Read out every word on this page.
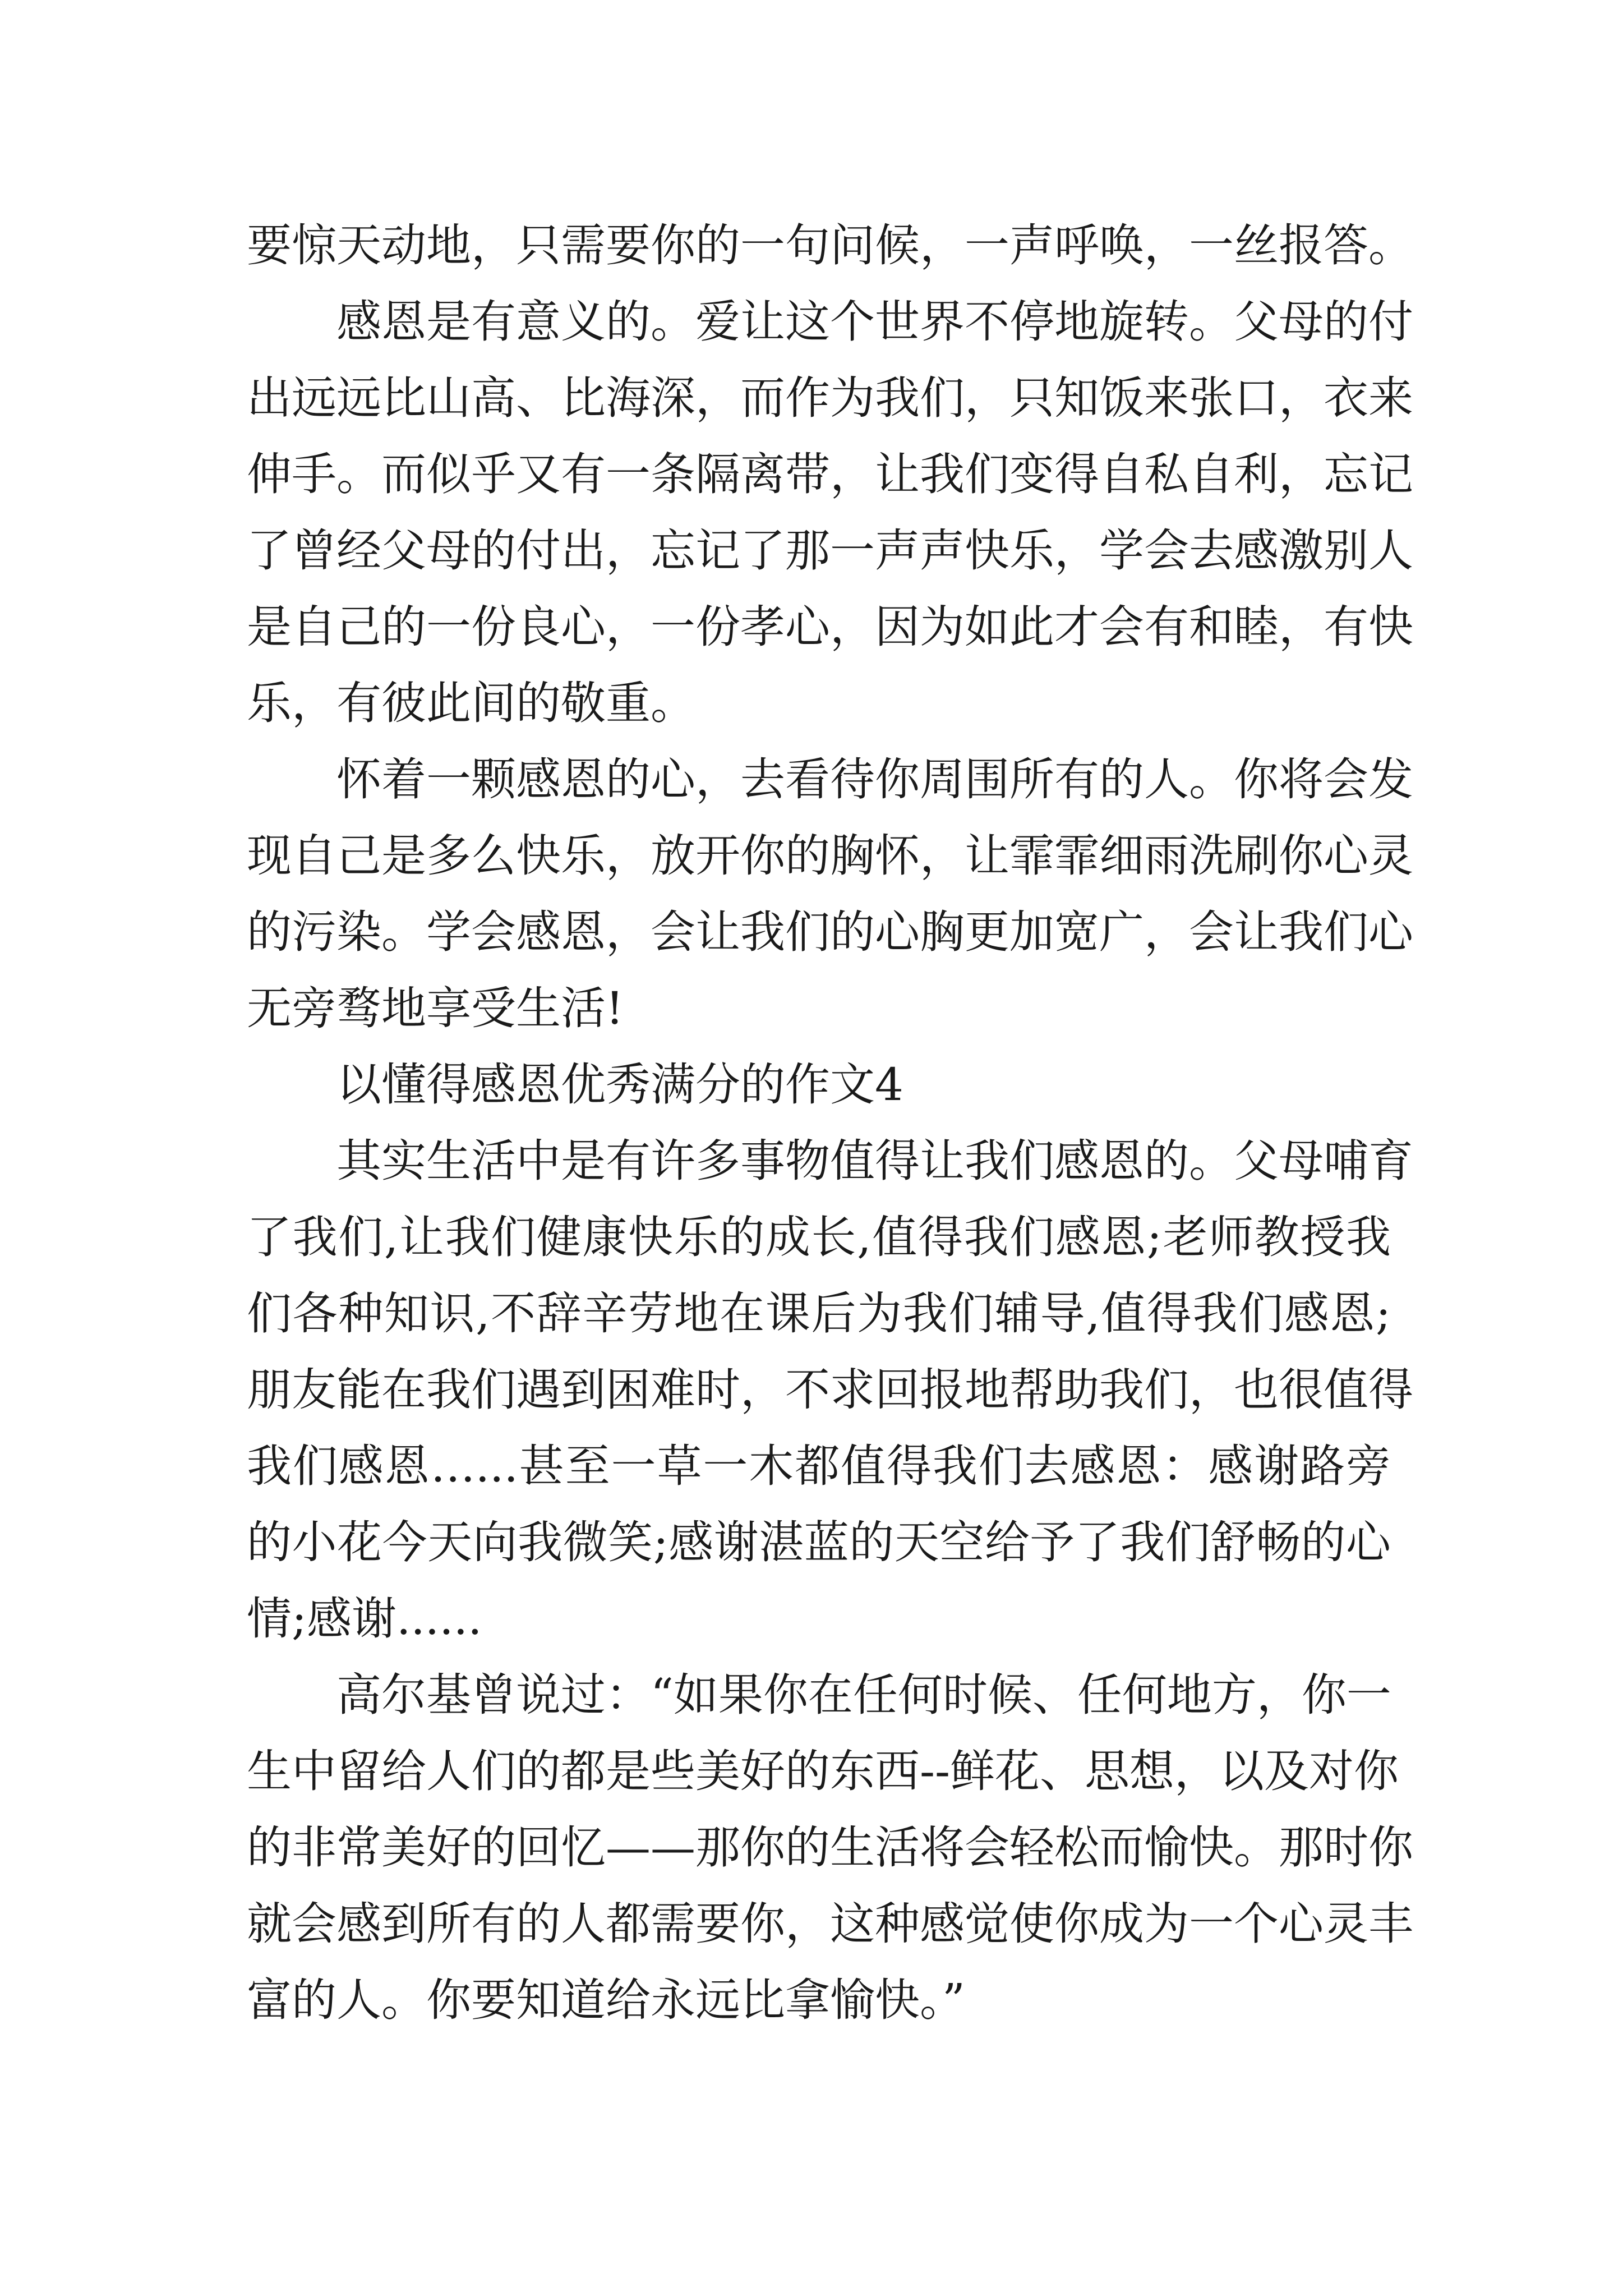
要惊天动地，只需要你的一句问候，一声呼唤，一丝报答。
感恩是有意义的。爱让这个世界不停地旋转。父母的付
出远远比山高、比海深，而作为我们，只知饭来张口，衣来
伸手。而似乎又有一条隔离带，让我们变得自私自利，忘记
了曾经父母的付出，忘记了那一声声快乐，学会去感激别人
是自己的一份良心，一份孝心，因为如此才会有和睦，有快
乐，有彼此间的敬重。
怀着一颗感恩的心，去看待你周围所有的人。你将会发
现自己是多么快乐，放开你的胸怀，让霏霏细雨洗刷你心灵
的污染。学会感恩，会让我们的心胸更加宽广，会让我们心
无旁骛地享受生活!
以懂得感恩优秀满分的作文4
其实生活中是有许多事物值得让我们感恩的。父母哺育
了我们,让我们健康快乐的成长,值得我们感恩;老师教授我
们各种知识,不辞辛劳地在课后为我们辅导,值得我们感恩;
朋友能在我们遇到困难时，不求回报地帮助我们，也很值得
我们感恩…...甚至一草一木都值得我们去感恩：感谢路旁
的小花今天向我微笑;感谢湛蓝的天空给予了我们舒畅的心
情;感谢......
高尔基曾说过：“如果你在任何时候、任何地方，你一
生中留给人们的都是些美好的东西--鲜花、思想，以及对你
的非常美好的回忆——那你的生活将会轻松而愉快。那时你
就会感到所有的人都需要你，这种感觉使你成为一个心灵丰
富的人。你要知道给永远比拿愉快。”
